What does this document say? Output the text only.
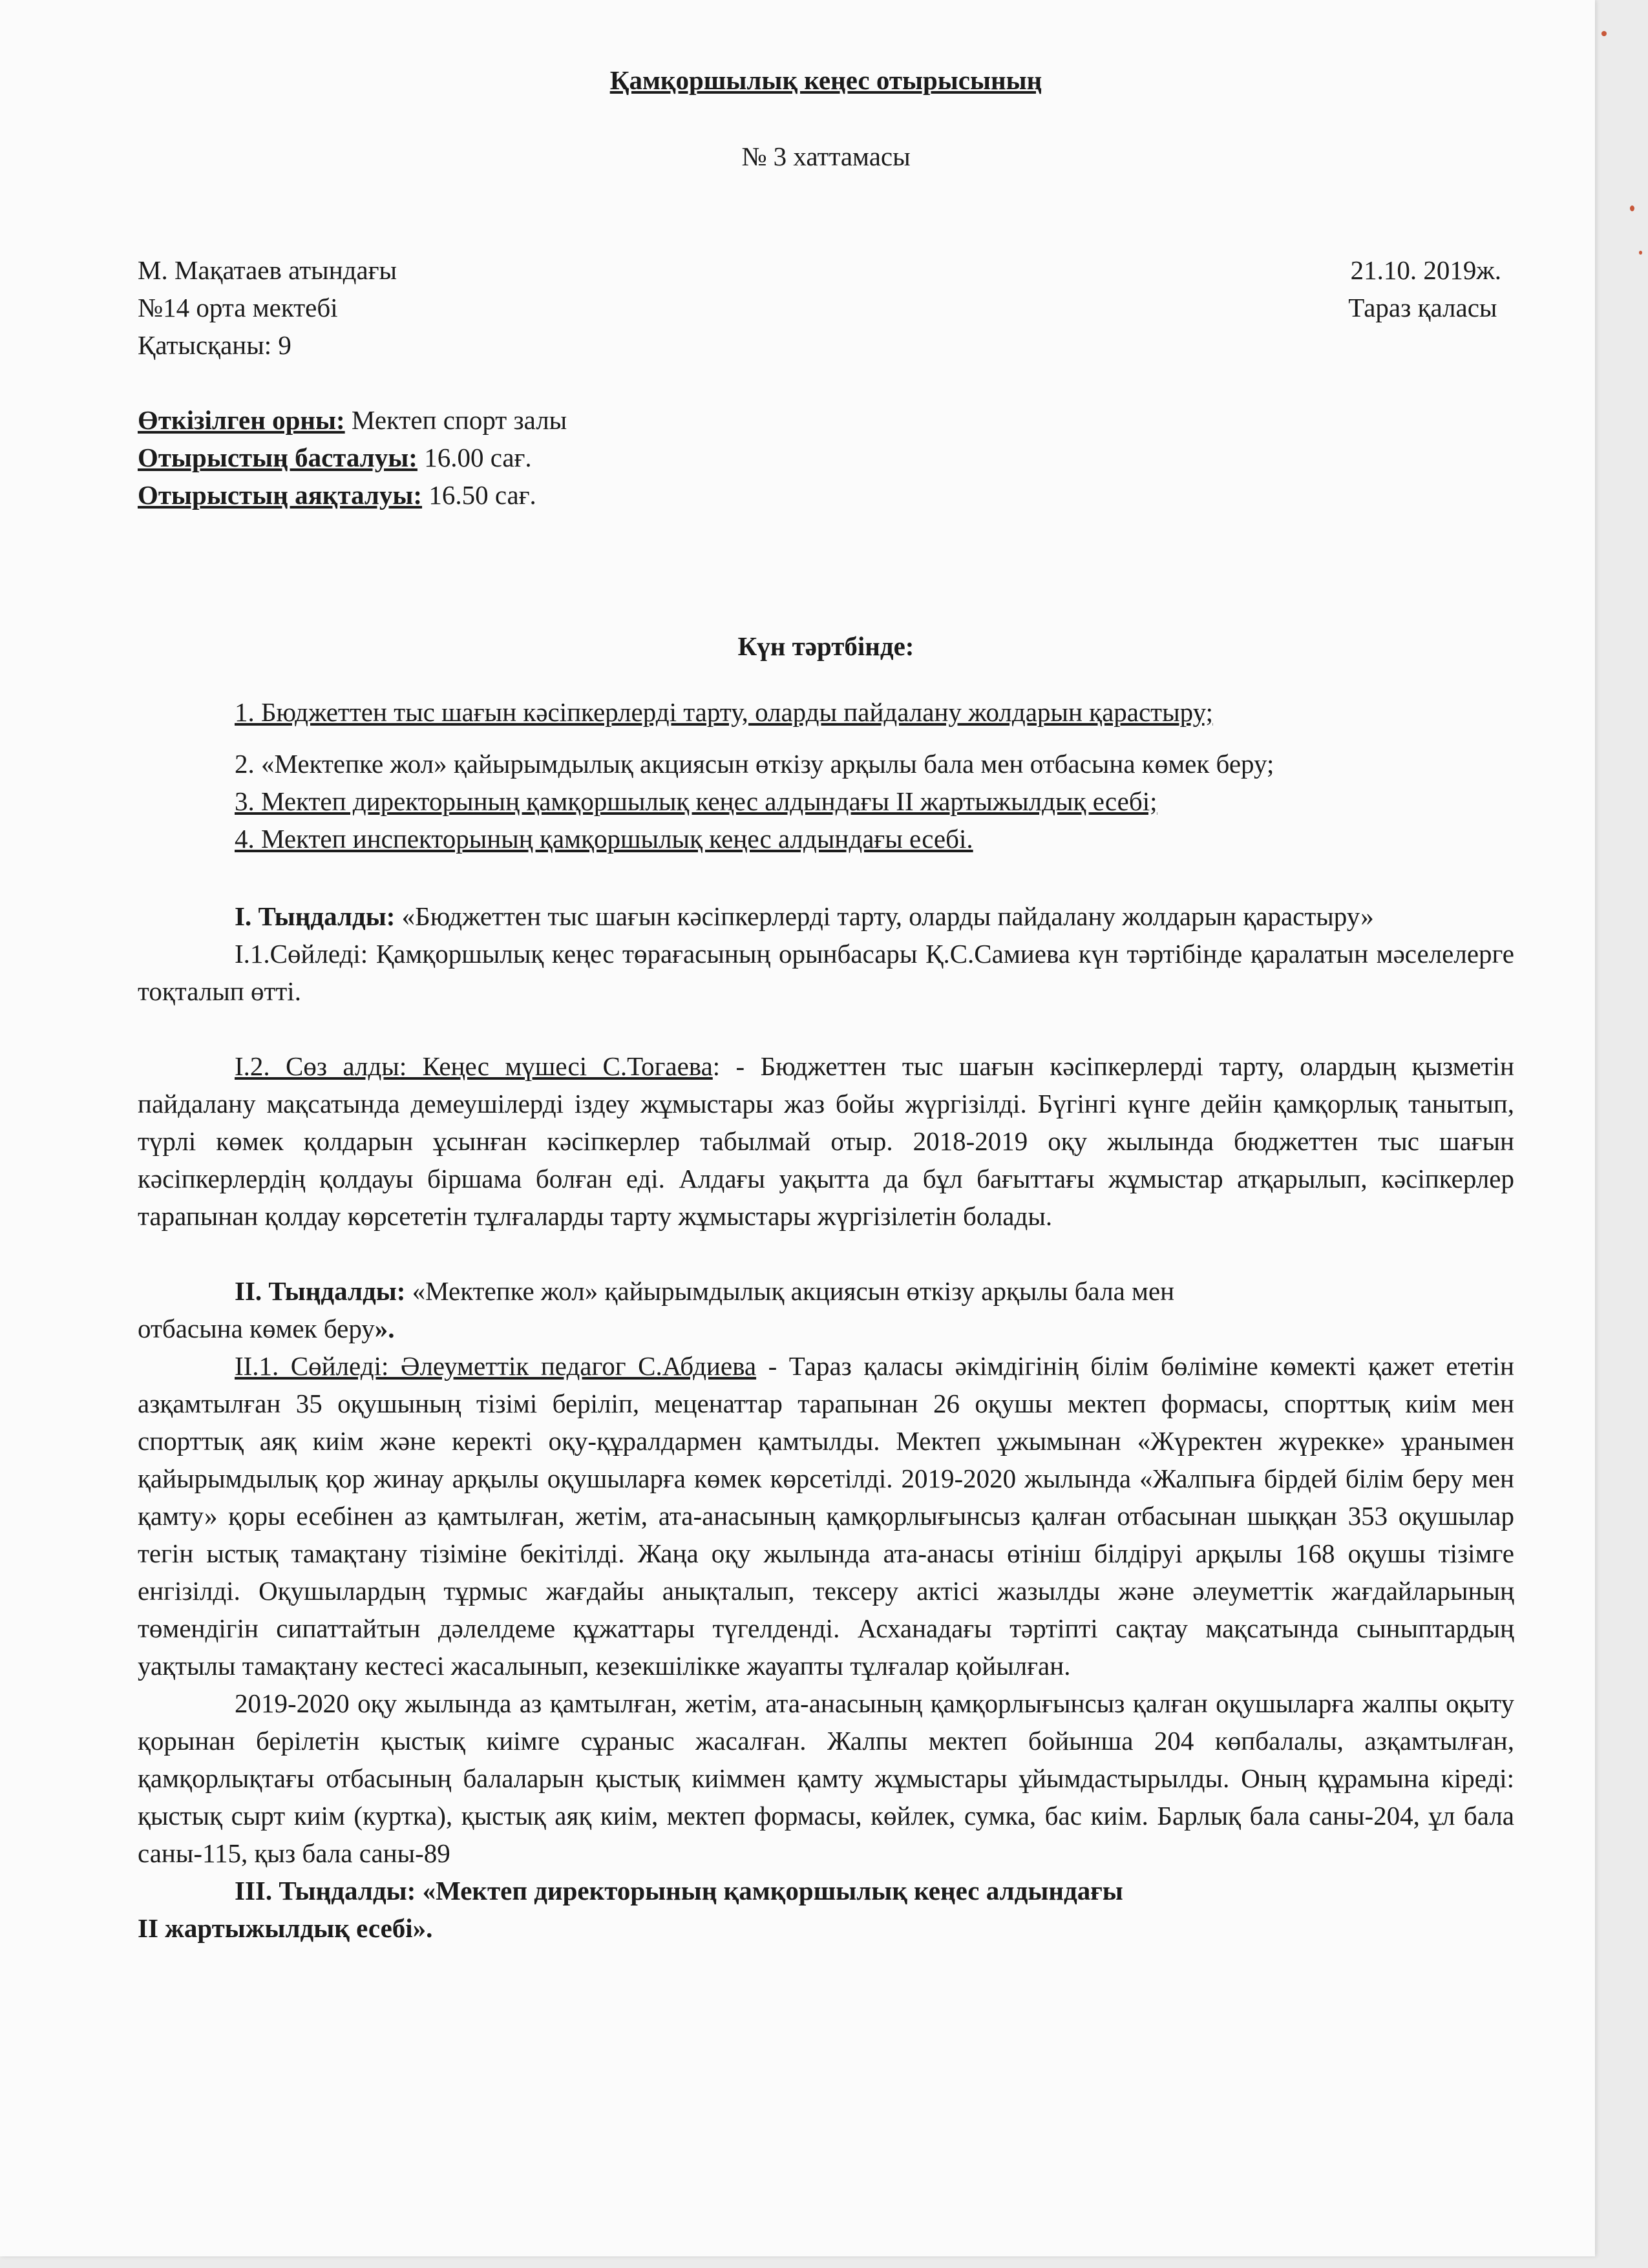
Қамқоршылық кеңес отырысының
№ 3 хаттамасы
М. Мақатаев атындағы
№14 орта мектебі
Қатысқаны: 9
21.10. 2019ж.
Тараз қаласы
Өткізілген орны: Мектеп спорт залы
Отырыстың басталуы: 16.00 сағ.
Отырыстың аяқталуы: 16.50 сағ.
Күн тәртбінде:
1. Бюджеттен тыс шағын кәсіпкерлерді тарту, оларды пайдалану жолдарын қарастыру;
2. «Мектепке жол» қайырымдылық акциясын өткізу арқылы бала мен отбасына көмек беру;
3. Мектеп директорының қамқоршылық кеңес алдындағы ІІ жартыжылдық есебі;
4. Мектеп инспекторының қамқоршылық кеңес алдындағы есебі.

І. Тыңдалды: «Бюджеттен тыс шағын кәсіпкерлерді тарту, оларды пайдалану жолдарын қарастыру»

І.1.Сөйледі: Қамқоршылық кеңес төрағасының орынбасары Қ.С.Самиева күн тәртібінде қаралатын мәселелерге тоқталып өтті.

І.2. Сөз алды: Кеңес мүшесі С.Тогаева: - Бюджеттен тыс шағын кәсіпкерлерді тарту, олардың қызметін пайдалану мақсатында демеушілерді іздеу жұмыстары жаз бойы жүргізілді. Бүгінгі күнге дейін қамқорлық танытып, түрлі көмек қолдарын ұсынған кәсіпкерлер табылмай отыр. 2018-2019 оқу жылында бюджеттен тыс шағын кәсіпкерлердің қолдауы біршама болған еді. Алдағы уақытта да бұл бағыттағы жұмыстар атқарылып, кәсіпкерлер тарапынан қолдау көрсететін тұлғаларды тарту жұмыстары жүргізілетін болады.

ІІ. Тыңдалды: «Мектепке жол» қайырымдылық акциясын өткізу арқылы бала мен
отбасына көмек беру».

ІІ.1. Сөйледі: Әлеуметтік педагог С.Абдиева - Тараз қаласы әкімдігінің білім бөліміне көмекті қажет ететін азқамтылған 35 оқушының тізімі беріліп, меценаттар тарапынан 26 оқушы мектеп формасы, спорттық киім мен спорттық аяқ киім және керекті оқу-құралдармен қамтылды. Мектеп ұжымынан «Жүректен жүрекке» ұранымен қайырымдылық қор жинау арқылы оқушыларға көмек көрсетілді. 2019-2020 жылында «Жалпыға бірдей білім беру мен қамту» қоры есебінен аз қамтылған, жетім, ата-анасының қамқорлығынсыз қалған отбасынан шыққан 353 оқушылар тегін ыстық тамақтану тізіміне бекітілді. Жаңа оқу жылында ата-анасы өтініш білдіруі арқылы 168 оқушы тізімге енгізілді. Оқушылардың тұрмыс жағдайы анықталып, тексеру актісі жазылды және әлеуметтік жағдайларының төмендігін сипаттайтын дәлелдеме құжаттары түгелденді. Асханадағы тәртіпті сақтау мақсатында сыныптардың уақтылы тамақтану кестесі жасалынып, кезекшілікке жауапты тұлғалар қойылған.

2019-2020 оқу жылында аз қамтылған, жетім, ата-анасының қамқорлығынсыз қалған оқушыларға жалпы оқыту қорынан берілетін қыстық киімге сұраныс жасалған. Жалпы мектеп бойынша 204 көпбалалы, азқамтылған, қамқорлықтағы отбасының балаларын қыстық киіммен қамту жұмыстары ұйымдастырылды. Оның құрамына кіреді: қыстық сырт киім (куртка), қыстық аяқ киім, мектеп формасы, көйлек, сумка, бас киім. Барлық бала саны-204, ұл бала саны-115, қыз бала саны-89

ІІІ. Тыңдалды: «Мектеп директорының қамқоршылық кеңес алдындағы
ІІ жартыжылдық есебі».
